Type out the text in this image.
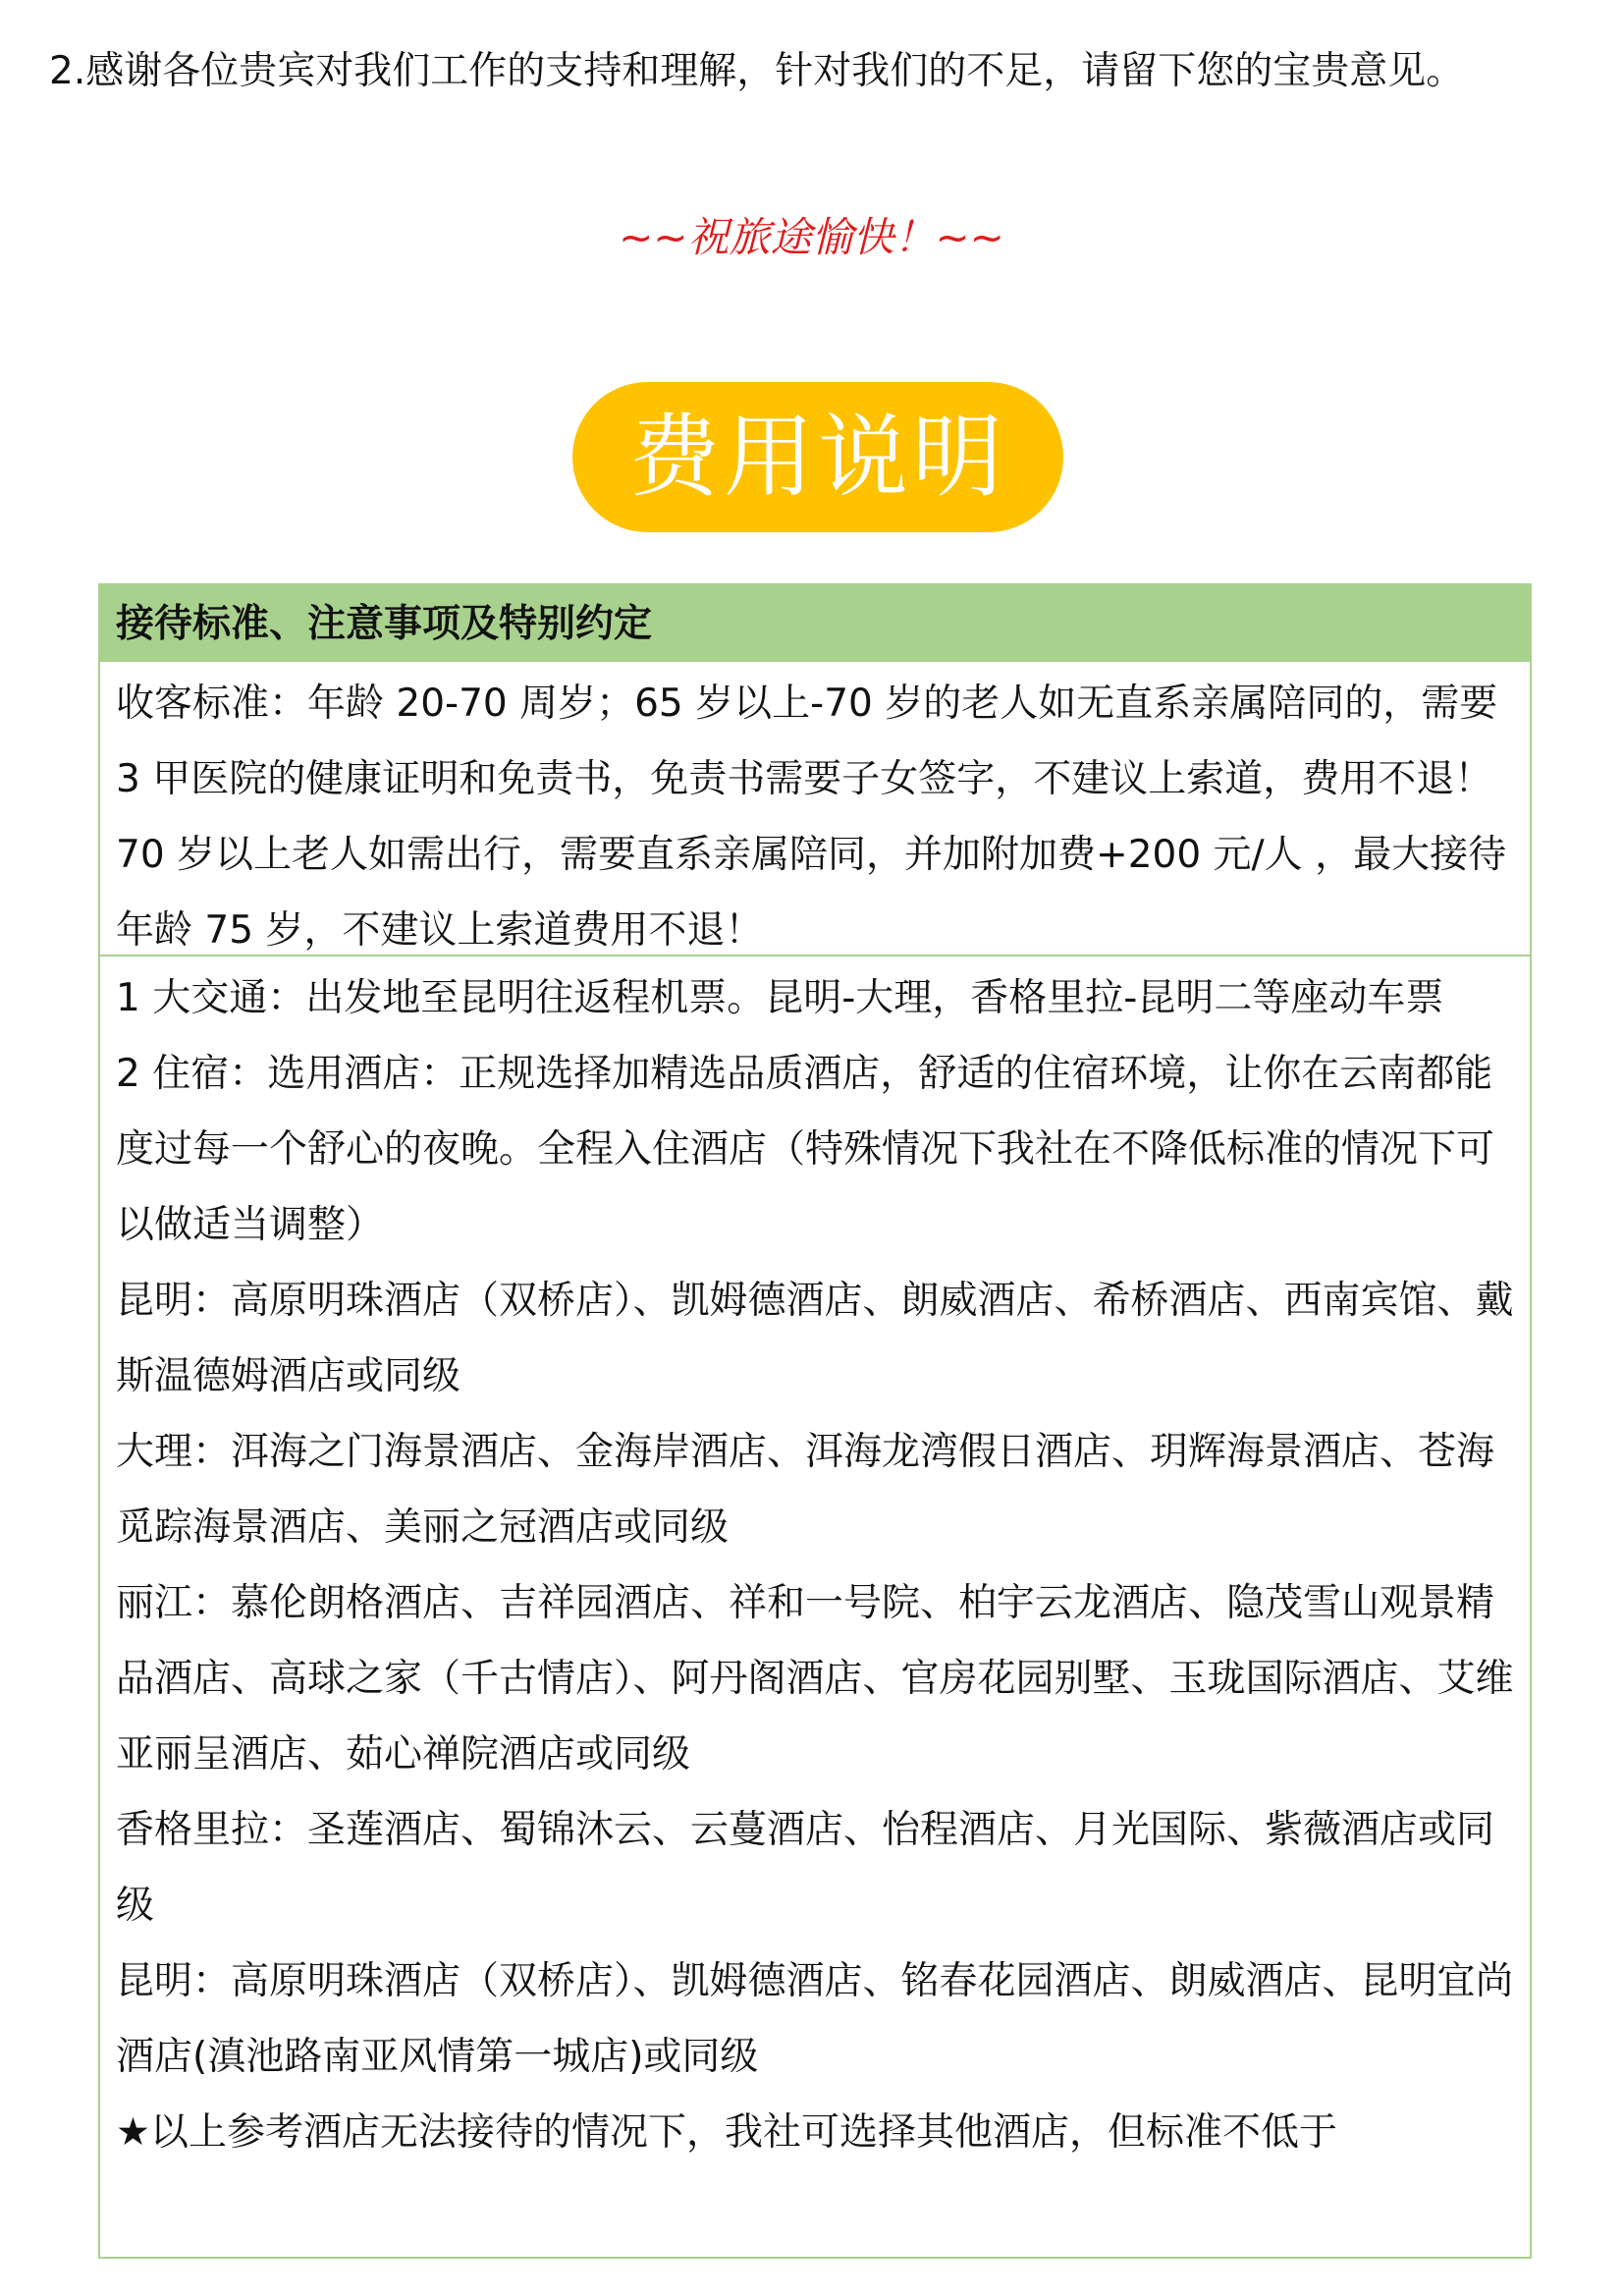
2.感谢各位贵宾对我们工作的支持和理解，针对我们的不足，请留下您的宝贵意见。

~~祝旅途愉快！~~

费用说明
接待标准、注意事项及特别约定

收客标准：年龄 20-70 周岁；65 岁以上-70 岁的老人如无直系亲属陪同的，需要 3 甲医院的健康证明和免责书，免责书需要子女签字，不建议上索道，费用不退！70 岁以上老人如需出行，需要直系亲属陪同，并加附加费+200 元/人 ，最大接待年龄 75 岁，不建议上索道费用不退！

1 大交通：出发地至昆明往返程机票。昆明-大理，香格里拉-昆明二等座动车票

2 住宿：选用酒店：正规选择加精选品质酒店，舒适的住宿环境，让你在云南都能度过每一个舒心的夜晚。全程入住酒店（特殊情况下我社在不降低标准的情况下可以做适当调整）

昆明：高原明珠酒店（双桥店）、凯姆德酒店、朗威酒店、希桥酒店、西南宾馆、戴斯温德姆酒店或同级

大理：洱海之门海景酒店、金海岸酒店、洱海龙湾假日酒店、玥辉海景酒店、苍海觅踪海景酒店、美丽之冠酒店或同级

丽江：慕伦朗格酒店、吉祥园酒店、祥和一号院、柏宇云龙酒店、隐茂雪山观景精品酒店、高球之家（千古情店）、阿丹阁酒店、官房花园别墅、玉珑国际酒店、艾维亚丽呈酒店、茹心禅院酒店或同级

香格里拉：圣莲酒店、蜀锦沐云、云蔓酒店、怡程酒店、月光国际、紫薇酒店或同级

昆明：高原明珠酒店（双桥店）、凯姆德酒店、铭春花园酒店、朗威酒店、昆明宜尚酒店(滇池路南亚风情第一城店)或同级

★以上参考酒店无法接待的情况下，我社可选择其他酒店，但标准不低于
